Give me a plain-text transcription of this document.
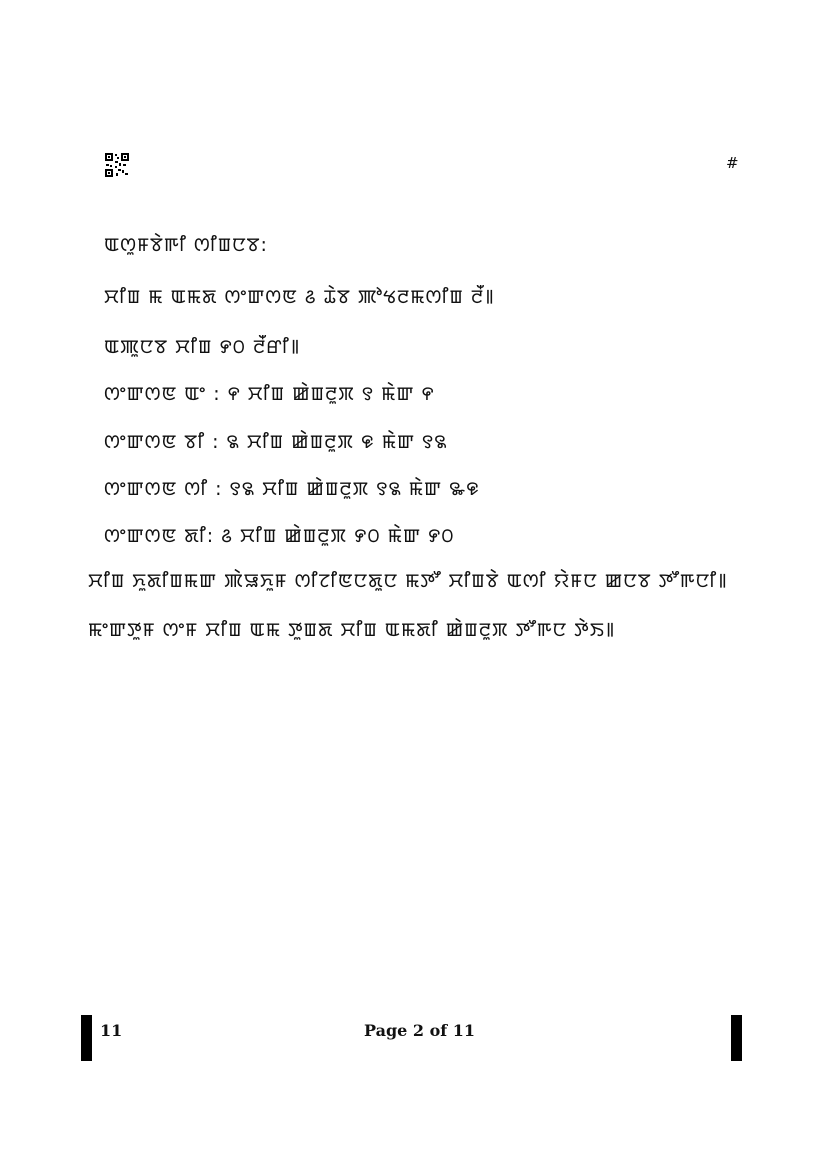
#
ꯑꯁꯨꯝꯕꯥꯒꯤ ꯁꯤꯡꯅꯕ:
ꯆꯤꯡ ꯃ ꯑꯃꯗ ꯁꯦꯛꯁꯟ ꯴ ꯊꯥꯕ ꯄꯣꯠꯂꯃꯁꯤꯡ ꯂꯩ꯫
ꯑꯄꯨꯅꯕ ꯆꯤꯡ ꯸꯰ ꯂꯩꯔꯤ꯫
ꯁꯦꯛꯁꯟ ꯑꯦ : ꯵ ꯆꯤꯡ ꯀꯥꯡꯂꯨꯞ ꯱ ꯃꯥꯛ ꯵
ꯁꯦꯛꯁꯟ ꯕꯤ : ꯲ ꯆꯤꯡ ꯀꯥꯡꯂꯨꯞ ꯶ ꯃꯥꯛ ꯱꯲
ꯁꯦꯛꯁꯟ ꯁꯤ : ꯱꯲ ꯆꯤꯡ ꯀꯥꯡꯂꯨꯞ ꯱꯲ ꯃꯥꯛ ꯳꯶
ꯁꯦꯛꯁꯟ ꯗꯤ: ꯴ ꯆꯤꯡ ꯀꯥꯡꯂꯨꯞ ꯸꯰ ꯃꯥꯛ ꯸꯰
ꯆꯤꯡ ꯈꯨꯗꯤꯡꯃꯛ ꯄꯥꯎꯈꯨꯝ ꯁꯤꯖꯤꯟꯅꯗꯨꯅ ꯃꯇꯧ ꯆꯤꯡꯕꯥ ꯑꯁꯤ ꯌꯥꯝꯅ ꯀꯅꯕ ꯇꯧꯒꯅꯤ꯫
ꯃꯦꯛꯇꯨꯝ ꯁꯦꯝ ꯆꯤꯡ ꯑꯃ ꯇꯨꯡꯗ ꯆꯤꯡ ꯑꯃꯗꯤ ꯀꯥꯡꯂꯨꯞ ꯇꯧꯒꯅ ꯇꯥꯏ꯫
11	Page 2 of 11
